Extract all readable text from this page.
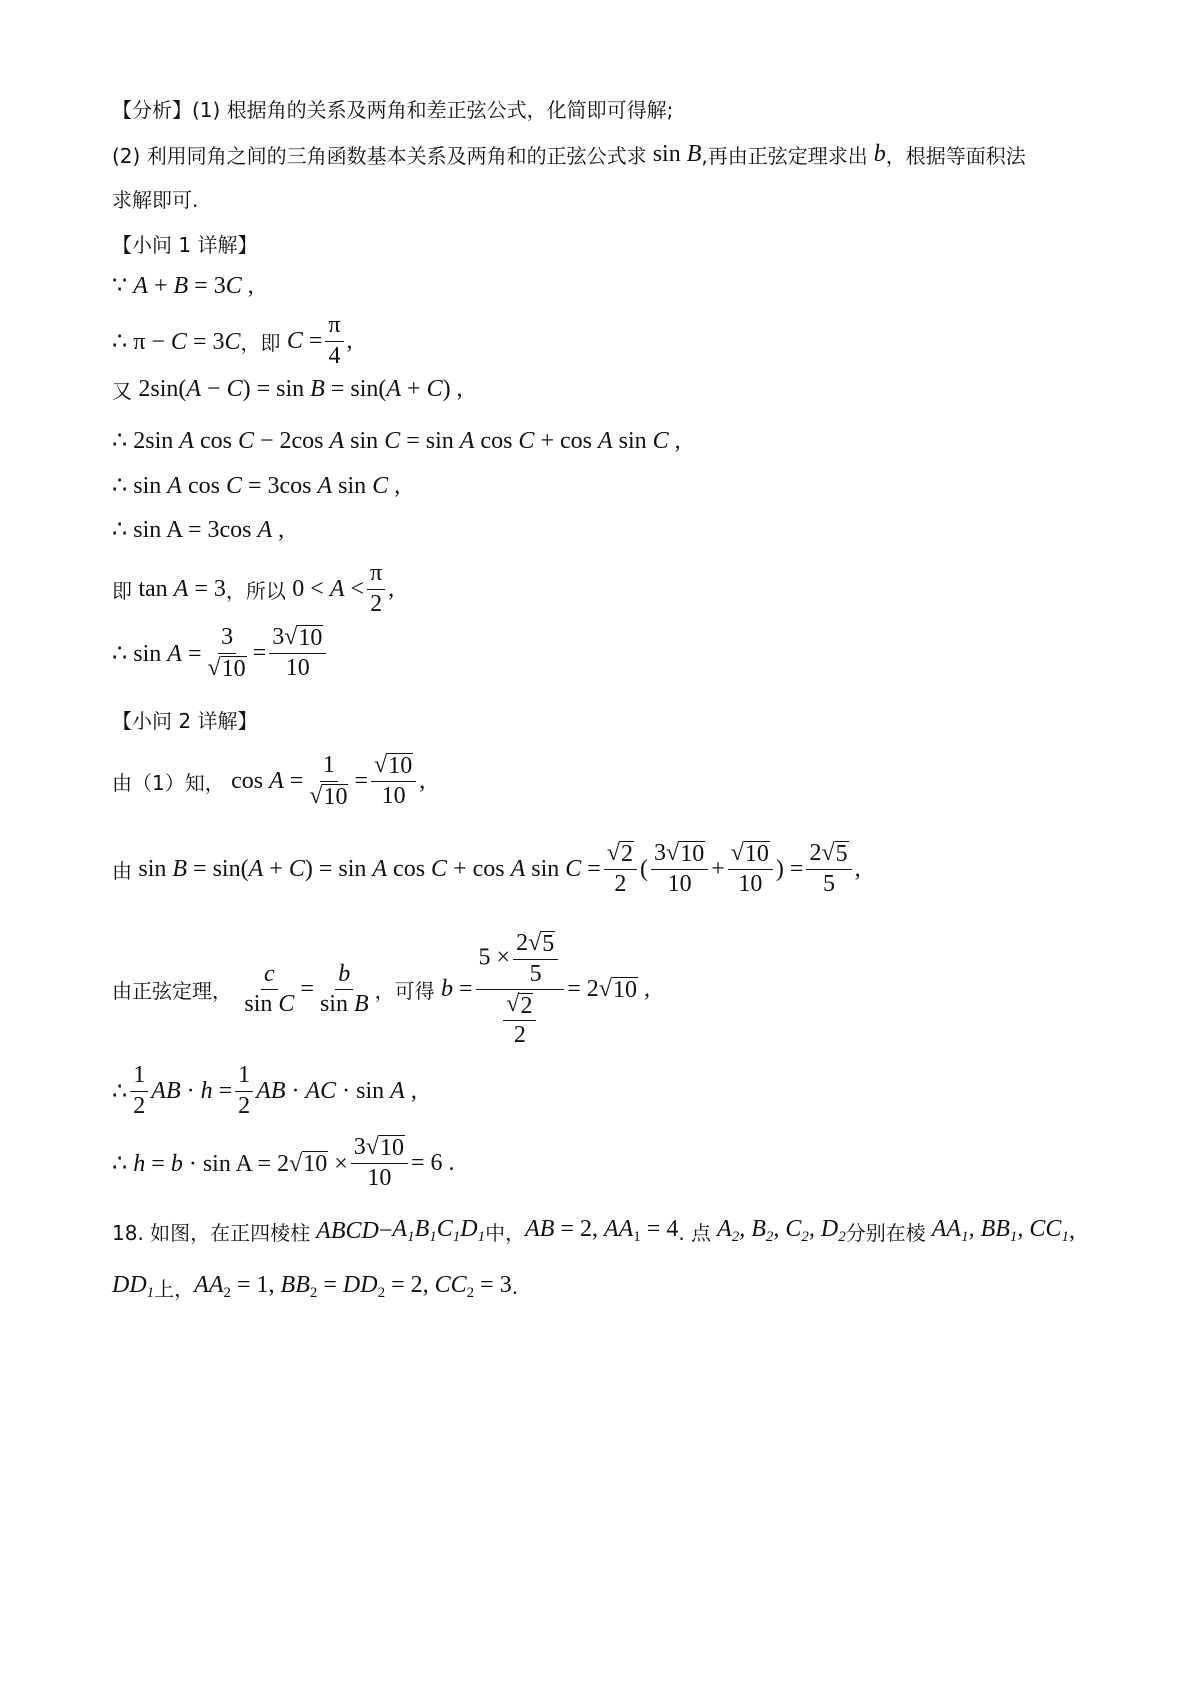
【分析】 (1) 根据角的关系及两角和差正弦公式，化简即可得解;
(2) 利用同角之间的三角函数基本关系及两角和的正弦公式求 sin B ,再由正弦定理求出 b ，根据等面积法
求解即可.
【小问 1 详解】
∵ A + B = 3C ,
∴ π − C = 3C ，即 $C = \frac{\pi}{4}$ ,
又 2sin(A − C) = sin B = sin(A + C) ,
∴ 2sin A cos C − 2cos A sin C = sin A cos C + cos A sin C ,
∴ sin A cos C = 3cos A sin C ,
∴ sin A = 3cos A ,
即 tan A = 3 ，所以 $0 < A < \frac{\pi}{2}$ ,
∴ $\sin A = \frac{3}{√ 10} = \frac{3√ 10}{10}$
【小问 2 详解】
由（1）知， $\cos A = \frac{1}{√ 10} = \frac{√ 10}{10}$ ,
由 sin B = sin(A + C) = sin A cos C + cos A $\sin C = \frac{√ 2}{2}$ ( $\frac{3√ 10}{10} + \frac{√ 10}{10}$ ) = $\frac{2√ 5}{5}$ ,
由正弦定理， $\frac{c}{\text{sin C}} = \frac{b}{\text{sin B}}$ ，可得 $b = \frac{5 \times \frac{2√ 5}{5}}{\frac{√ 2}{2}} = 2√$ 10 ,
∴ $\frac{1}{2}$ AB · $h = \frac{1}{2}$ AB · AC · sin A ,
∴ h = b · sin A = 2√ $10 \times \frac{3√ 10}{10} = 6$ .
18. 如图，在正四棱柱 ABCD − $A_1B_1C_1D_1$ 中， AB = 2, $AA_1 = 4$ . 点 $A_2$, $B_2$, $C_2$, $D_2$ 分别在棱 $AA_1$, $BB_1$, $CC_1$ ,
$DD_1$ 上， $AA_2 = 1$, $BB_2 = DD_2 = 2$, $CC_2 = 3$ .
